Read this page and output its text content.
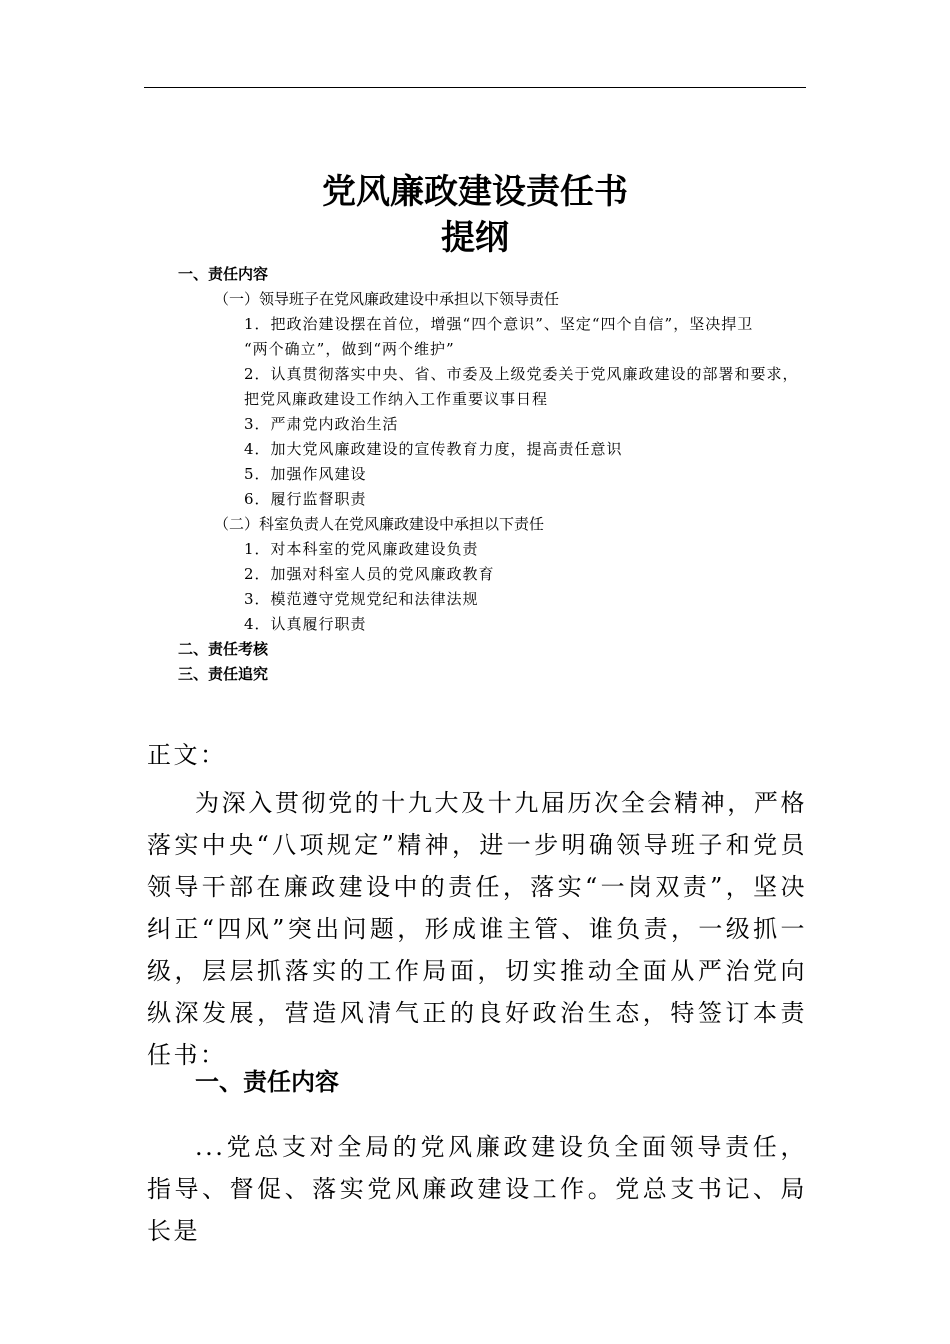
党风廉政建设责任书
提纲
一、责任内容
（一）领导班子在党风廉政建设中承担以下领导责任
1．把政治建设摆在首位，增强“四个意识”、坚定“四个自信”，坚决捍卫
“两个确立”，做到“两个维护”
2．认真贯彻落实中央、省、市委及上级党委关于党风廉政建设的部署和要求，
把党风廉政建设工作纳入工作重要议事日程
3．严肃党内政治生活
4．加大党风廉政建设的宣传教育力度，提高责任意识
5．加强作风建设
6．履行监督职责
（二）科室负责人在党风廉政建设中承担以下责任
1．对本科室的党风廉政建设负责
2．加强对科室人员的党风廉政教育
3．模范遵守党规党纪和法律法规
4．认真履行职责
二、责任考核
三、责任追究
正文：

为深入贯彻党的十九大及十九届历次全会精神，严格落实中央“八项规定”精神，进一步明确领导班子和党员领导干部在廉政建设中的责任，落实“一岗双责”，坚决纠正“四风”突出问题，形成谁主管、谁负责，一级抓一级，层层抓落实的工作局面，切实推动全面从严治党向纵深发展，营造风清气正的良好政治生态，特签订本责任书：

一、责任内容

...党总支对全局的党风廉政建设负全面领导责任，指导、督促、落实党风廉政建设工作。党总支书记、局长是
